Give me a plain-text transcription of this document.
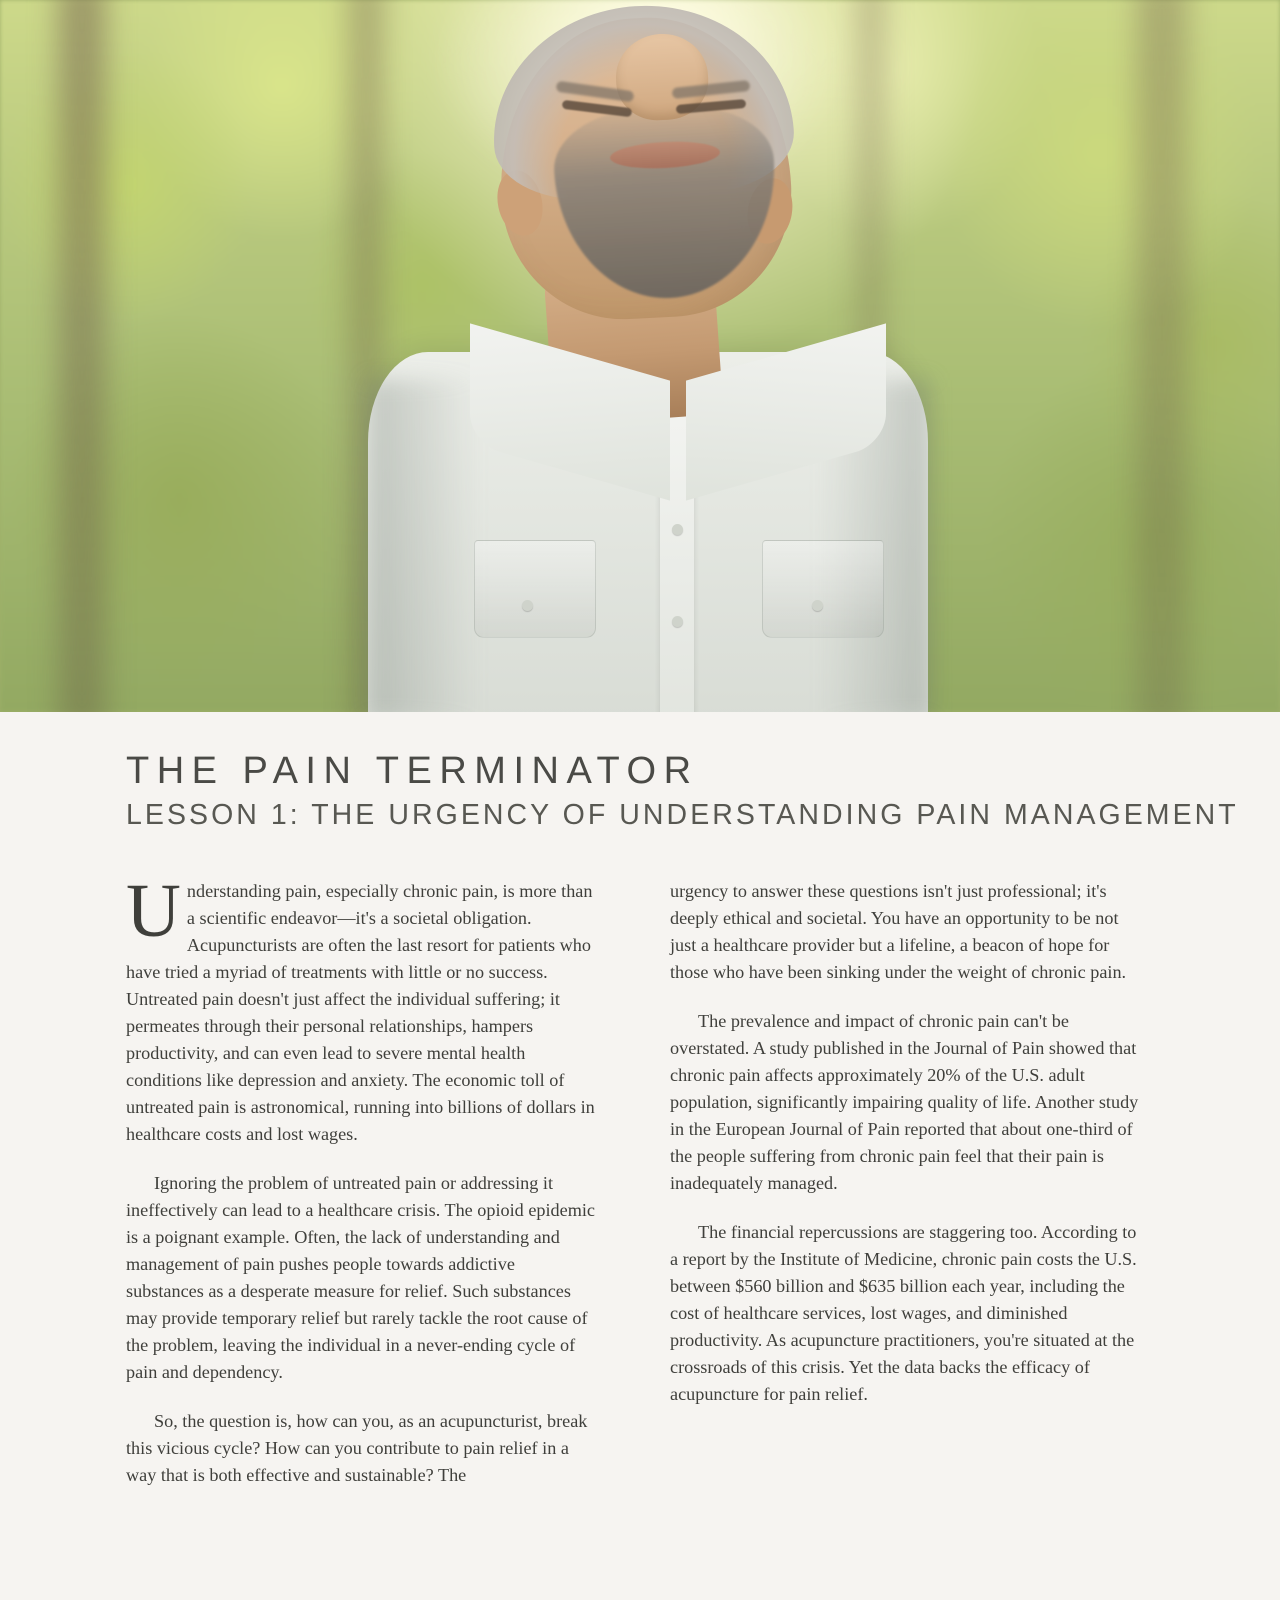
THE PAIN TERMINATOR
LESSON 1: THE URGENCY OF UNDERSTANDING PAIN MANAGEMENT

Understanding pain, especially chronic pain, is more than a scientific endeavor—it's a societal obligation. Acupuncturists are often the last resort for patients who have tried a myriad of treatments with little or no success. Untreated pain doesn't just affect the individual suffering; it permeates through their personal relationships, hampers productivity, and can even lead to severe mental health conditions like depression and anxiety. The economic toll of untreated pain is astronomical, running into billions of dollars in healthcare costs and lost wages.

Ignoring the problem of untreated pain or addressing it ineffectively can lead to a healthcare crisis. The opioid epidemic is a poignant example. Often, the lack of understanding and management of pain pushes people towards addictive substances as a desperate measure for relief. Such substances may provide temporary relief but rarely tackle the root cause of the problem, leaving the individual in a never-ending cycle of pain and dependency.

So, the question is, how can you, as an acupuncturist, break this vicious cycle? How can you contribute to pain relief in a way that is both effective and sustainable? The

urgency to answer these questions isn't just professional; it's deeply ethical and societal. You have an opportunity to be not just a healthcare provider but a lifeline, a beacon of hope for those who have been sinking under the weight of chronic pain.

The prevalence and impact of chronic pain can't be overstated. A study published in the Journal of Pain showed that chronic pain affects approximately 20% of the U.S. adult population, significantly impairing quality of life. Another study in the European Journal of Pain reported that about one-third of the people suffering from chronic pain feel that their pain is inadequately managed.

The financial repercussions are staggering too. According to a report by the Institute of Medicine, chronic pain costs the U.S. between $560 billion and $635 billion each year, including the cost of healthcare services, lost wages, and diminished productivity. As acupuncture practitioners, you're situated at the crossroads of this crisis. Yet the data backs the efficacy of acupuncture for pain relief.
